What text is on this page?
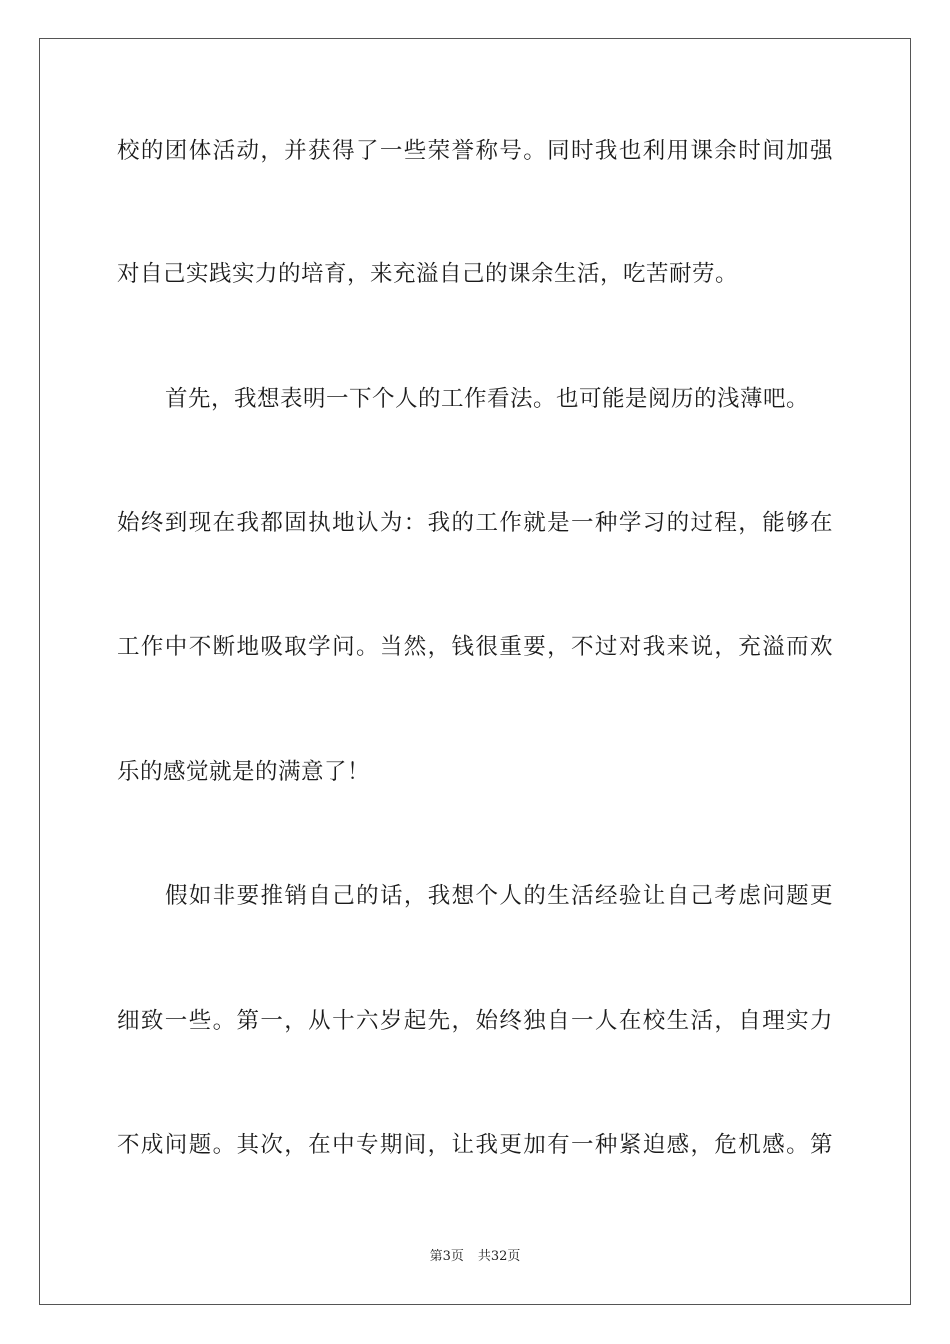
校的团体活动，并获得了一些荣誉称号。同时我也利用课余时间加强
对自己实践实力的培育，来充溢自己的课余生活，吃苦耐劳。
首先，我想表明一下个人的工作看法。也可能是阅历的浅薄吧。
始终到现在我都固执地认为：我的工作就是一种学习的过程，能够在
工作中不断地吸取学问。当然，钱很重要，不过对我来说，充溢而欢
乐的感觉就是的满意了！
假如非要推销自己的话，我想个人的生活经验让自己考虑问题更
细致一些。第一，从十六岁起先，始终独自一人在校生活，自理实力
不成问题。其次，在中专期间，让我更加有一种紧迫感，危机感。第
第3页 共32页
